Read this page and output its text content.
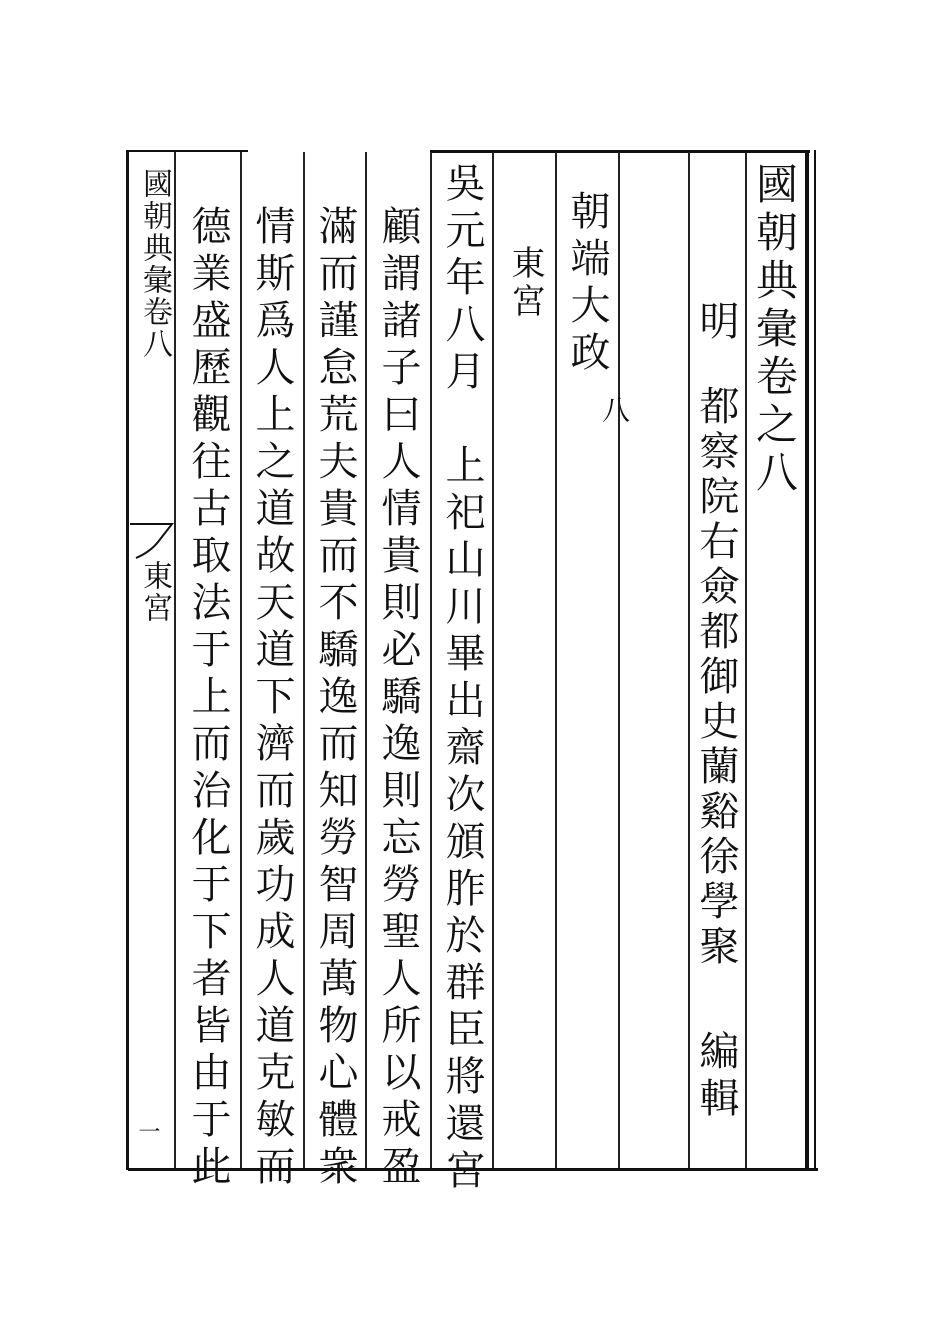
國朝典彙卷之八
明
都察院右僉都御史蘭谿徐學聚
編輯
朝端大政
八
東宮
吳元年八月　上祀山川畢出齋次頒胙於群臣將還宮
顧謂諸子曰人情貴則必驕逸則忘勞聖人所以戒盈
滿而謹怠荒夫貴而不驕逸而知勞智周萬物心體衆
情斯爲人上之道故天道下濟而歲功成人道克敏而
德業盛歷觀往古取法于上而治化于下者皆由于此
國朝典彙卷八
東宮
一
